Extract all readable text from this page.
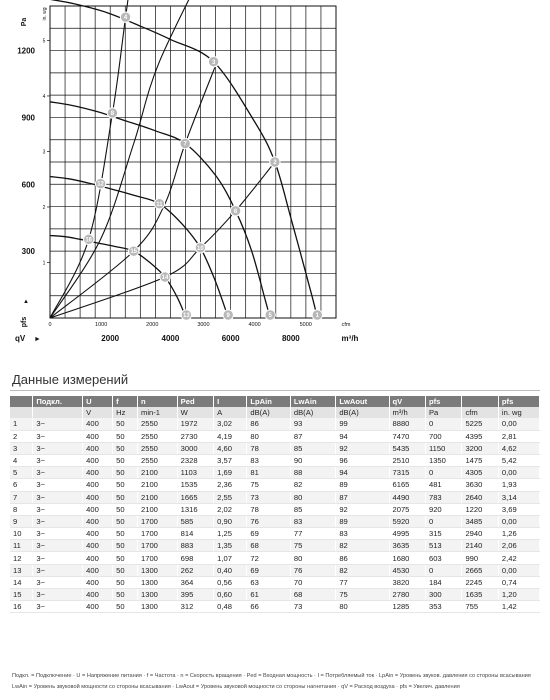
1
2
3
4
5
in. wg
300
600
900
1200
Pa
pfs
▲
0	1000	2000	3000	4000	5000	cfm
2000	4000	6000	8000
qV ►	m³/h
1
2
3
4
5
6
7
8
9
10
11
12
13
14
15
16
Данные измерений
	Подкл.	U	f	n	Ped	I	LpAin	LwAin	LwAout	qV	pfs		pfs
		V	Hz	min-1	W	A	dB(A)	dB(A)	dB(A)	m³/h	Pa	cfm	in. wg
1	3~	400	50	2550	1972	3,02	86	93	99	8880	0	5225	0,00
2	3~	400	50	2550	2730	4,19	80	87	94	7470	700	4395	2,81
3	3~	400	50	2550	3000	4,60	78	85	92	5435	1150	3200	4,62
4	3~	400	50	2550	2328	3,57	83	90	96	2510	1350	1475	5,42
5	3~	400	50	2100	1103	1,69	81	88	94	7315	0	4305	0,00
6	3~	400	50	2100	1535	2,36	75	82	89	6165	481	3630	1,93
7	3~	400	50	2100	1665	2,55	73	80	87	4490	783	2640	3,14
8	3~	400	50	2100	1316	2,02	78	85	92	2075	920	1220	3,69
9	3~	400	50	1700	585	0,90	76	83	89	5920	0	3485	0,00
10	3~	400	50	1700	814	1,25	69	77	83	4995	315	2940	1,26
11	3~	400	50	1700	883	1,35	68	75	82	3635	513	2140	2,06
12	3~	400	50	1700	698	1,07	72	80	86	1680	603	990	2,42
13	3~	400	50	1300	262	0,40	69	76	82	4530	0	2665	0,00
14	3~	400	50	1300	364	0,56	63	70	77	3820	184	2245	0,74
15	3~	400	50	1300	395	0,60	61	68	75	2780	300	1635	1,20
16	3~	400	50	1300	312	0,48	66	73	80	1285	353	755	1,42
Подкл. = Подключение · U = Напряжение питания · f = Частота · n = Скорость вращения · Ped = Входная мощность · I = Потребляемый ток · LpAin = Уровень звуков. давления со стороны всасывания
LwAin = Уровень звуковой мощности со стороны всасывания · LwAout = Уровень звуковой мощности со стороны нагнетания · qV = Расход воздуха · pfs = Увелич. давления
